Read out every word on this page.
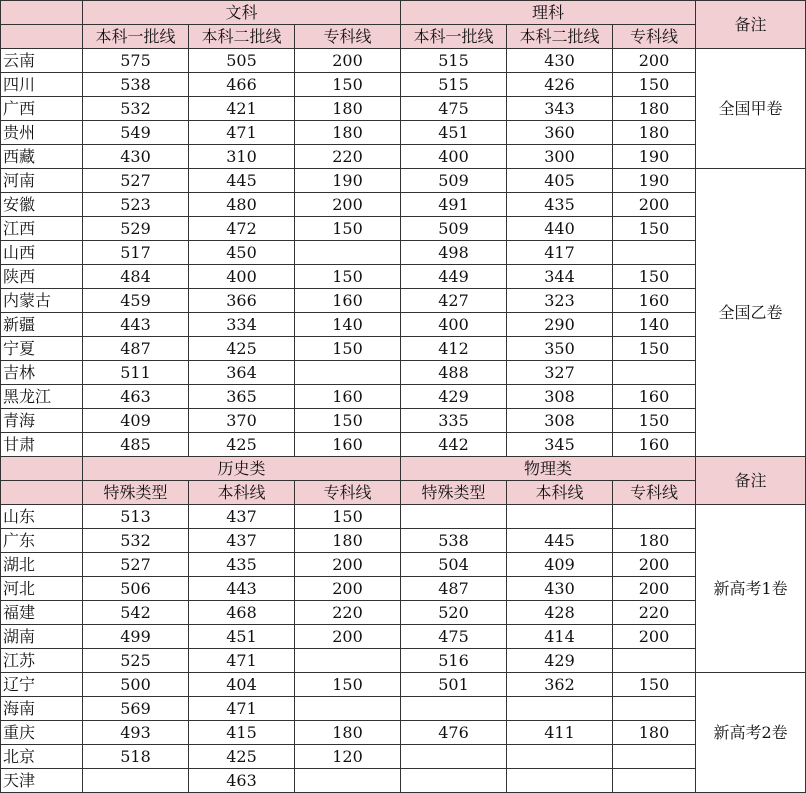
	文科			理科			备注
	本科一批线	本科二批线	专科线	本科一批线	本科二批线	专科线	
云南	575	505	200	515	430	200	全国甲卷
四川	538	466	150	515	426	150	
广西	532	421	180	475	343	180	
贵州	549	471	180	451	360	180	
西藏	430	310	220	400	300	190	
河南	527	445	190	509	405	190	全国乙卷
安徽	523	480	200	491	435	200	
江西	529	472	150	509	440	150	
山西	517	450		498	417		
陕西	484	400	150	449	344	150	
内蒙古	459	366	160	427	323	160	
新疆	443	334	140	400	290	140	
宁夏	487	425	150	412	350	150	
吉林	511	364		488	327		
黑龙江	463	365	160	429	308	160	
青海	409	370	150	335	308	150	
甘肃	485	425	160	442	345	160	
	历史类			物理类			备注
	特殊类型	本科线	专科线	特殊类型	本科线	专科线	
山东	513	437	150				新高考1卷
广东	532	437	180	538	445	180	
湖北	527	435	200	504	409	200	
河北	506	443	200	487	430	200	
福建	542	468	220	520	428	220	
湖南	499	451	200	475	414	200	
江苏	525	471		516	429		
辽宁	500	404	150	501	362	150	新高考2卷
海南	569	471					
重庆	493	415	180	476	411	180	
北京	518	425	120				
天津		463					
